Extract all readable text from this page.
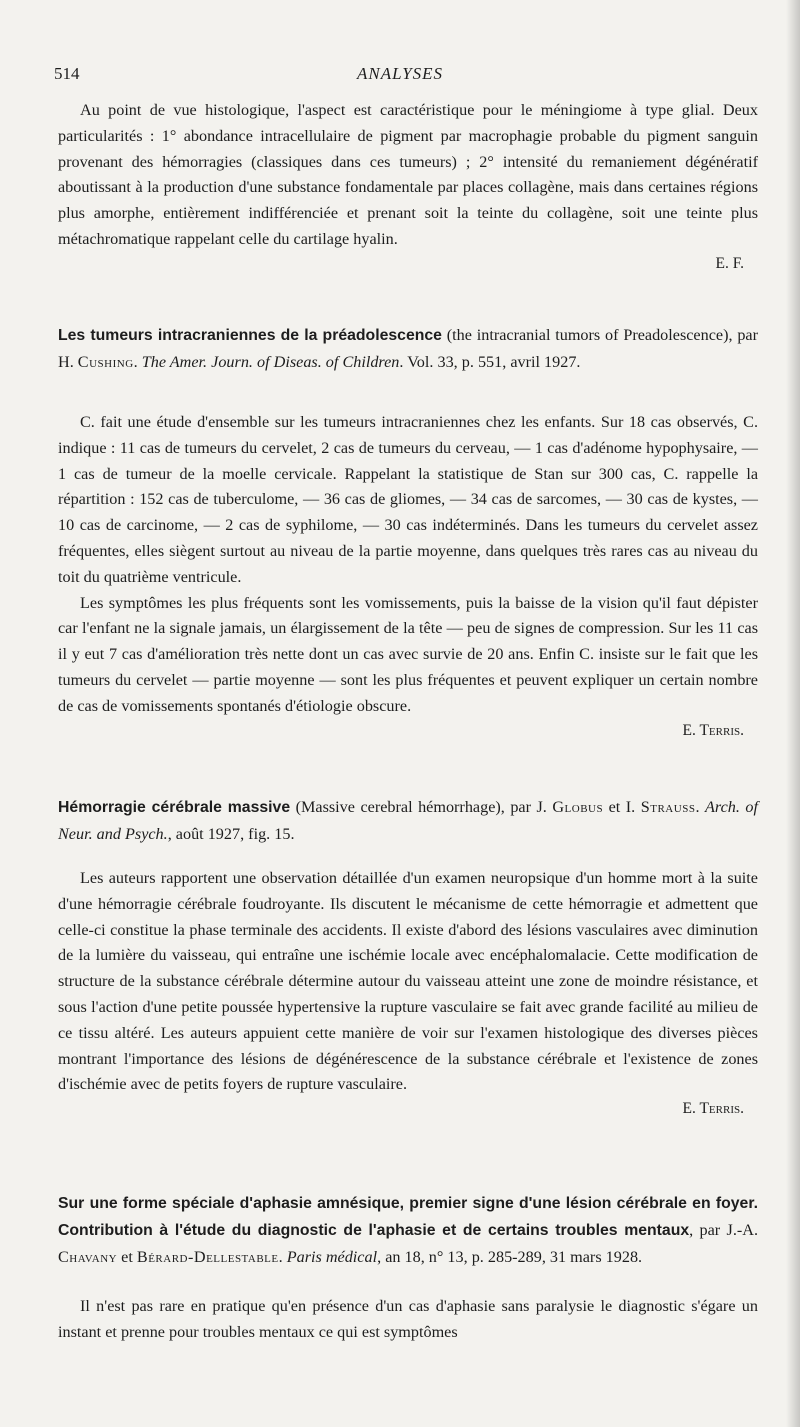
514	ANALYSES

Au point de vue histologique, l'aspect est caractéristique pour le méningiome à type glial. Deux particularités : 1° abondance intracellulaire de pigment par macrophagie probable du pigment sanguin provenant des hémorragies (classiques dans ces tumeurs) ; 2° intensité du remaniement dégénératif aboutissant à la production d'une substance fondamentale par places collagène, mais dans certaines régions plus amorphe, entièrement indifférenciée et prenant soit la teinte du collagène, soit une teinte plus métachromatique rappelant celle du cartilage hyalin.

E. F.

Les tumeurs intracraniennes de la préadolescence (the intracranial tumors of Preadolescence), par H. Cushing. The Amer. Journ. of Diseas. of Children. Vol. 33, p. 551, avril 1927.

C. fait une étude d'ensemble sur les tumeurs intracraniennes chez les enfants. Sur 18 cas observés, C. indique : 11 cas de tumeurs du cervelet, 2 cas de tumeurs du cerveau, — 1 cas d'adénome hypophysaire, — 1 cas de tumeur de la moelle cervicale. Rappelant la statistique de Stan sur 300 cas, C. rappelle la répartition : 152 cas de tuberculome, — 36 cas de gliomes, — 34 cas de sarcomes, — 30 cas de kystes, — 10 cas de carcinome, — 2 cas de syphilome, — 30 cas indéterminés. Dans les tumeurs du cervelet assez fréquentes, elles siègent surtout au niveau de la partie moyenne, dans quelques très rares cas au niveau du toit du quatrième ventricule.

Les symptômes les plus fréquents sont les vomissements, puis la baisse de la vision qu'il faut dépister car l'enfant ne la signale jamais, un élargissement de la tête — peu de signes de compression. Sur les 11 cas il y eut 7 cas d'amélioration très nette dont un cas avec survie de 20 ans. Enfin C. insiste sur le fait que les tumeurs du cervelet — partie moyenne — sont les plus fréquentes et peuvent expliquer un certain nombre de cas de vomissements spontanés d'étiologie obscure.

E. Terris.

Hémorragie cérébrale massive (Massive cerebral hémorrhage), par J. Globus et I. Strauss. Arch. of Neur. and Psych., août 1927, fig. 15.

Les auteurs rapportent une observation détaillée d'un examen neuropsique d'un homme mort à la suite d'une hémorragie cérébrale foudroyante. Ils discutent le mécanisme de cette hémorragie et admettent que celle-ci constitue la phase terminale des accidents. Il existe d'abord des lésions vasculaires avec diminution de la lumière du vaisseau, qui entraîne une ischémie locale avec encéphalomalacie. Cette modification de structure de la substance cérébrale détermine autour du vaisseau atteint une zone de moindre résistance, et sous l'action d'une petite poussée hypertensive la rupture vasculaire se fait avec grande facilité au milieu de ce tissu altéré. Les auteurs appuient cette manière de voir sur l'examen histologique des diverses pièces montrant l'importance des lésions de dégénérescence de la substance cérébrale et l'existence de zones d'ischémie avec de petits foyers de rupture vasculaire.

E. Terris.

Sur une forme spéciale d'aphasie amnésique, premier signe d'une lésion cérébrale en foyer. Contribution à l'étude du diagnostic de l'aphasie et de certains troubles mentaux, par J.-A. Chavany et Bérard-Dellestable. Paris médical, an 18, n° 13, p. 285-289, 31 mars 1928.

Il n'est pas rare en pratique qu'en présence d'un cas d'aphasie sans paralysie le diagnostic s'égare un instant et prenne pour troubles mentaux ce qui est symptômes
